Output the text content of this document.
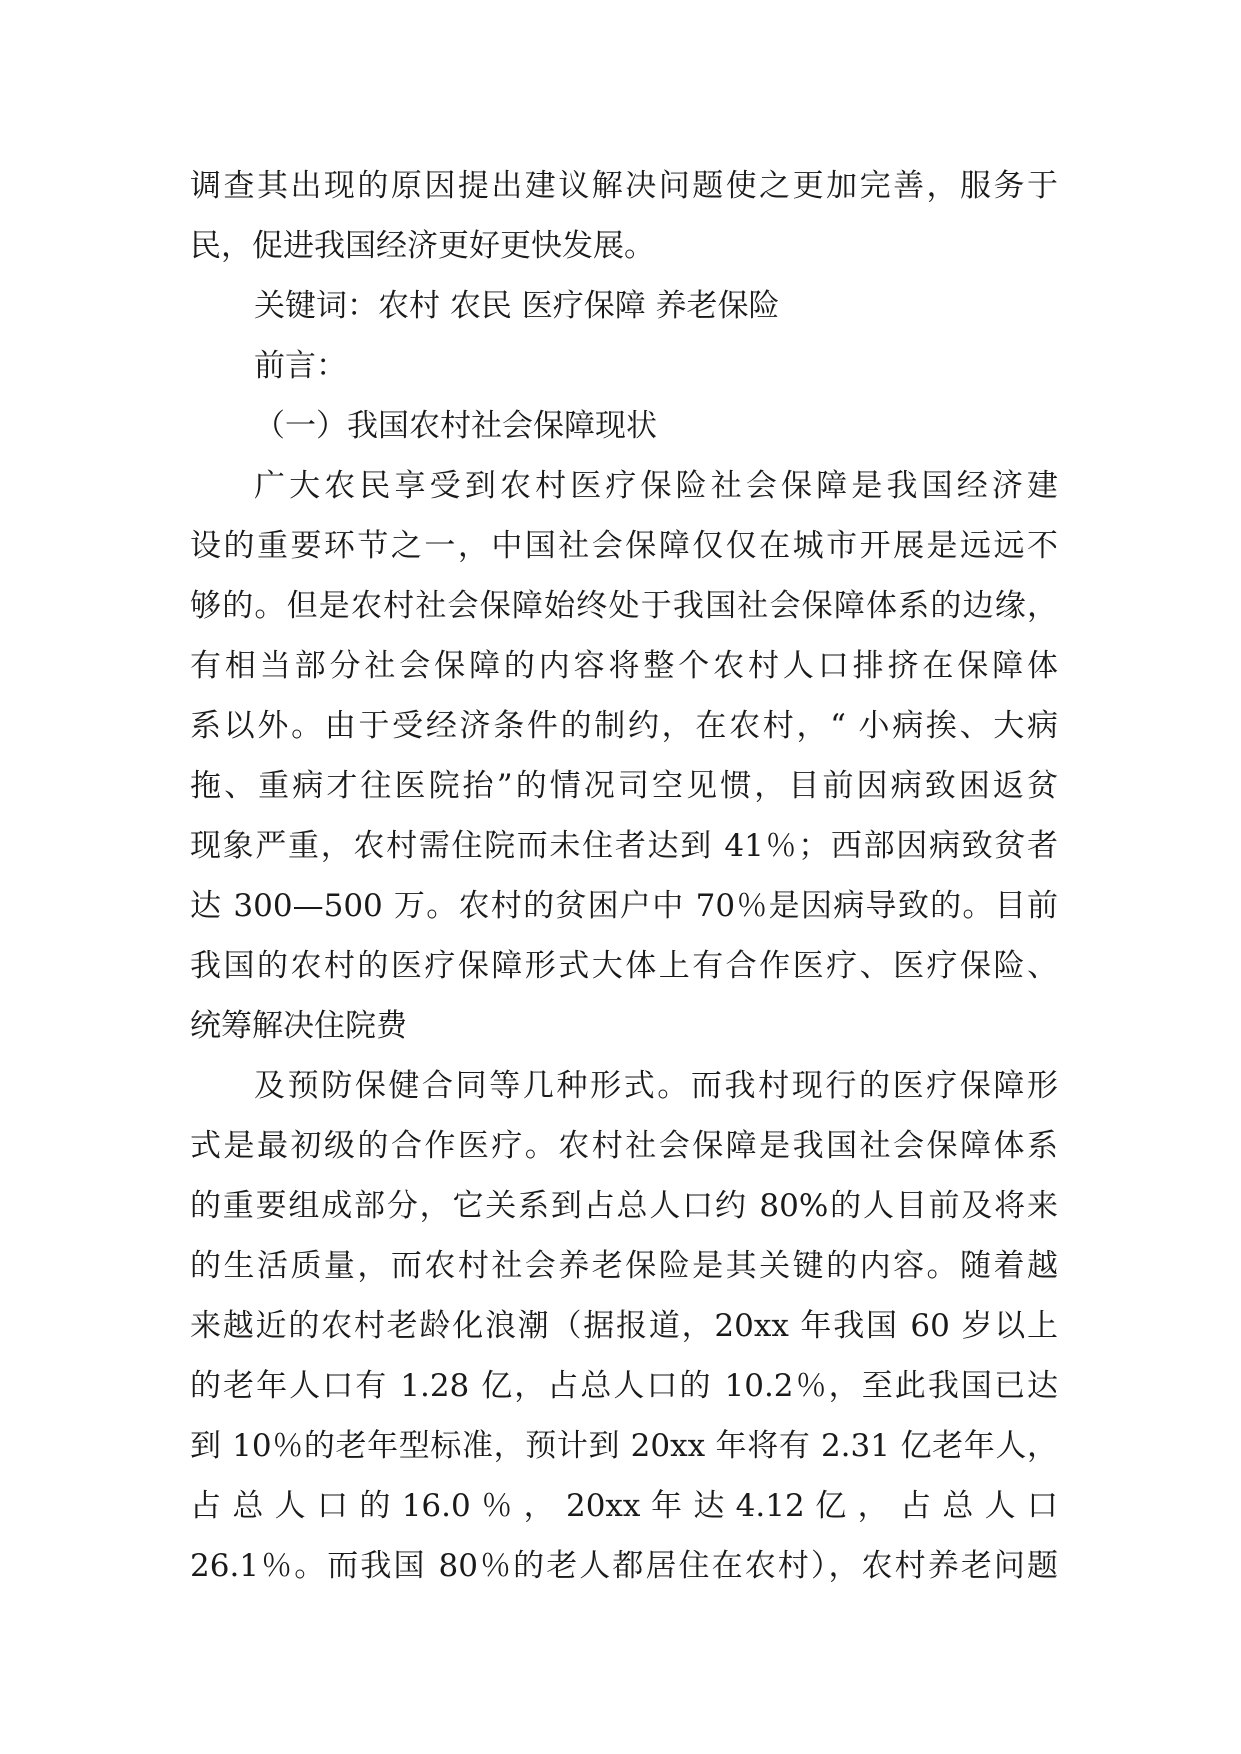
调查其出现的原因提出建议解决问题使之更加完善，服务于
民，促进我国经济更好更快发展。
关键词：农村 农民 医疗保障 养老保险
前言：
（一）我国农村社会保障现状
广大农民享受到农村医疗保险社会保障是我国经济建
设的重要环节之一，中国社会保障仅仅在城市开展是远远不
够的。但是农村社会保障始终处于我国社会保障体系的边缘，
有相当部分社会保障的内容将整个农村人口排挤在保障体
系以外。由于受经济条件的制约，在农村，“ 小病挨、大病
拖、重病才往医院抬”的情况司空见惯，目前因病致困返贫
现象严重，农村需住院而未住者达到 41％；西部因病致贫者
达 300—500 万。农村的贫困户中 70％是因病导致的。目前
我国的农村的医疗保障形式大体上有合作医疗、医疗保险、
统筹解决住院费
及预防保健合同等几种形式。而我村现行的医疗保障形
式是最初级的合作医疗。农村社会保障是我国社会保障体系
的重要组成部分，它关系到占总人口约 80%的人目前及将来
的生活质量，而农村社会养老保险是其关键的内容。随着越
来越近的农村老龄化浪潮（据报道，20xx 年我国 60 岁以上
的老年人口有 1.28 亿，占总人口的 10.2％，至此我国已达
到 10％的老年型标准，预计到 20xx 年将有 2.31 亿老年人，
占 总 人 口 的 16.0 ％ ， 20xx 年 达 4.12 亿 ， 占 总 人 口
26.1％。而我国 80％的老人都居住在农村），农村养老问题
